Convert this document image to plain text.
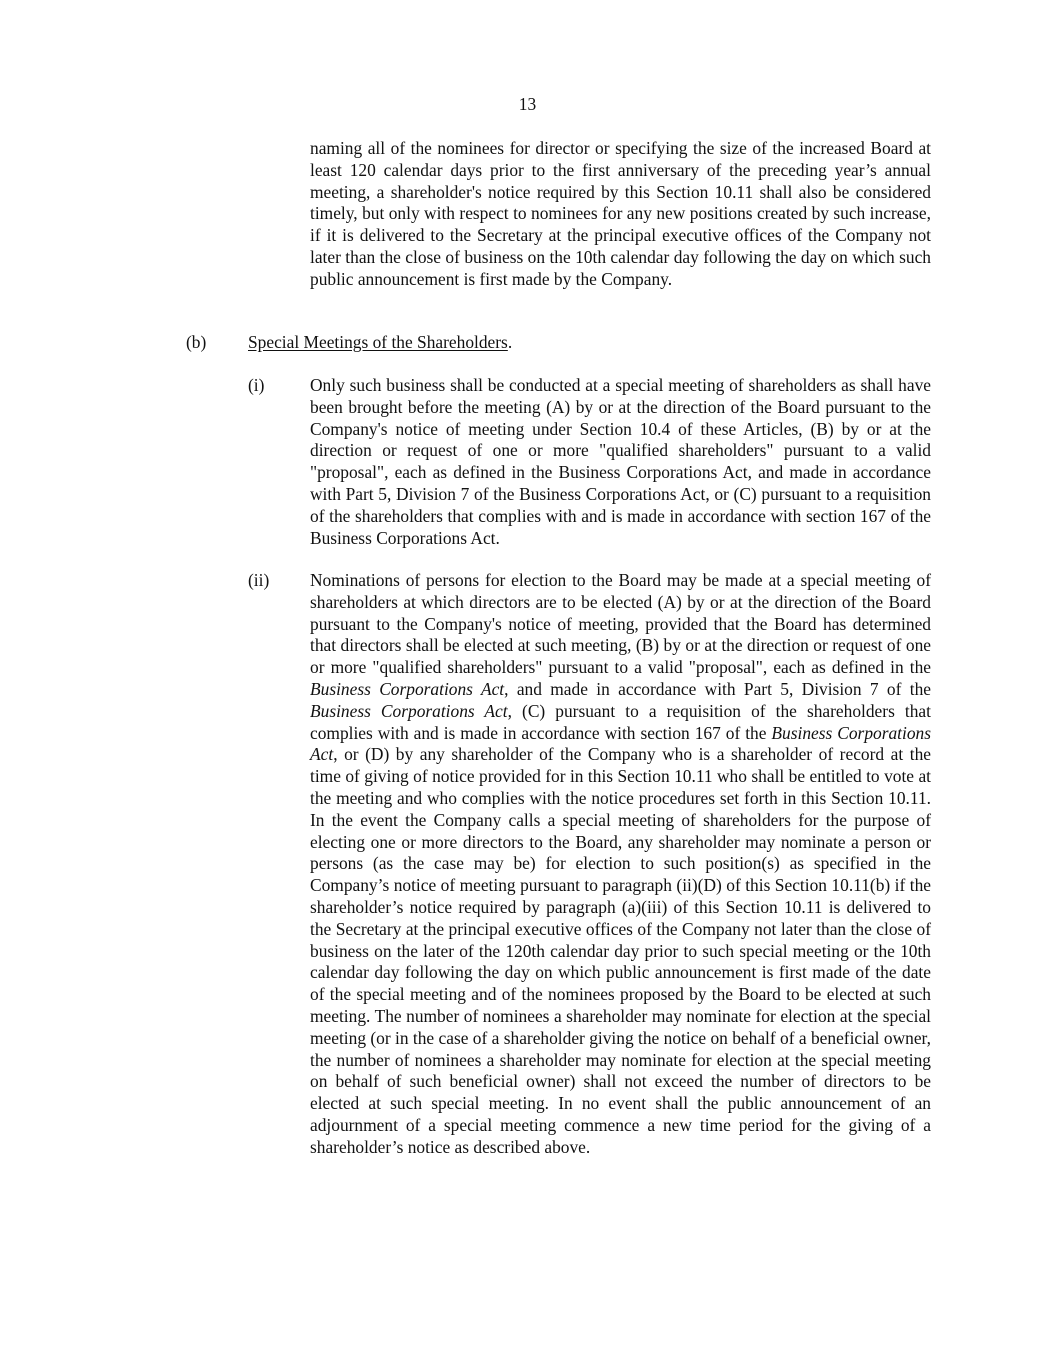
13

naming all of the nominees for director or specifying the size of the increased Board at least 120 calendar days prior to the first anniversary of the preceding year’s annual meeting, a shareholder's notice required by this Section 10.11 shall also be considered timely, but only with respect to nominees for any new positions created by such increase, if it is delivered to the Secretary at the principal executive offices of the Company not later than the close of business on the 10th calendar day following the day on which such public announcement is first made by the Company.

(b) Special Meetings of the Shareholders.
(i)	Only such business shall be conducted at a special meeting of shareholders as shall have been brought before the meeting (A) by or at the direction of the Board pursuant to the Company's notice of meeting under Section 10.4 of these Articles, (B) by or at the direction or request of one or more "qualified shareholders" pursuant to a valid "proposal", each as defined in the Business Corporations Act, and made in accordance with Part 5, Division 7 of the Business Corporations Act, or (C) pursuant to a requisition of the shareholders that complies with and is made in accordance with section 167 of the Business Corporations Act.

(ii) Nominations of persons for election to the Board may be made at a special meeting of shareholders at which directors are to be elected (A) by or at the direction of the Board pursuant to the Company's notice of meeting, provided that the Board has determined that directors shall be elected at such meeting, (B) by or at the direction or request of one or more "qualified shareholders" pursuant to a valid "proposal", each as defined in the Business Corporations Act, and made in accordance with Part 5, Division 7 of the Business Corporations Act, (C) pursuant to a requisition of the shareholders that complies with and is made in accordance with section 167 of the Business Corporations Act, or (D) by any shareholder of the Company who is a shareholder of record at the time of giving of notice provided for in this Section 10.11 who shall be entitled to vote at the meeting and who complies with the notice procedures set forth in this Section 10.11. In the event the Company calls a special meeting of shareholders for the purpose of electing one or more directors to the Board, any shareholder may nominate a person or persons (as the case may be) for election to such position(s) as specified in the Company’s notice of meeting pursuant to paragraph (ii)(D) of this Section 10.11(b) if the shareholder’s notice required by paragraph (a)(iii) of this Section 10.11 is delivered to the Secretary at the principal executive offices of the Company not later than the close of business on the later of the 120th calendar day prior to such special meeting or the 10th calendar day following the day on which public announcement is first made of the date of the special meeting and of the nominees proposed by the Board to be elected at such meeting. The number of nominees a shareholder may nominate for election at the special meeting (or in the case of a shareholder giving the notice on behalf of a beneficial owner, the number of nominees a shareholder may nominate for election at the special meeting on behalf of such beneficial owner) shall not exceed the number of directors to be elected at such special meeting. In no event shall the public announcement of an adjournment of a special meeting commence a new time period for the giving of a shareholder’s notice as described above.
